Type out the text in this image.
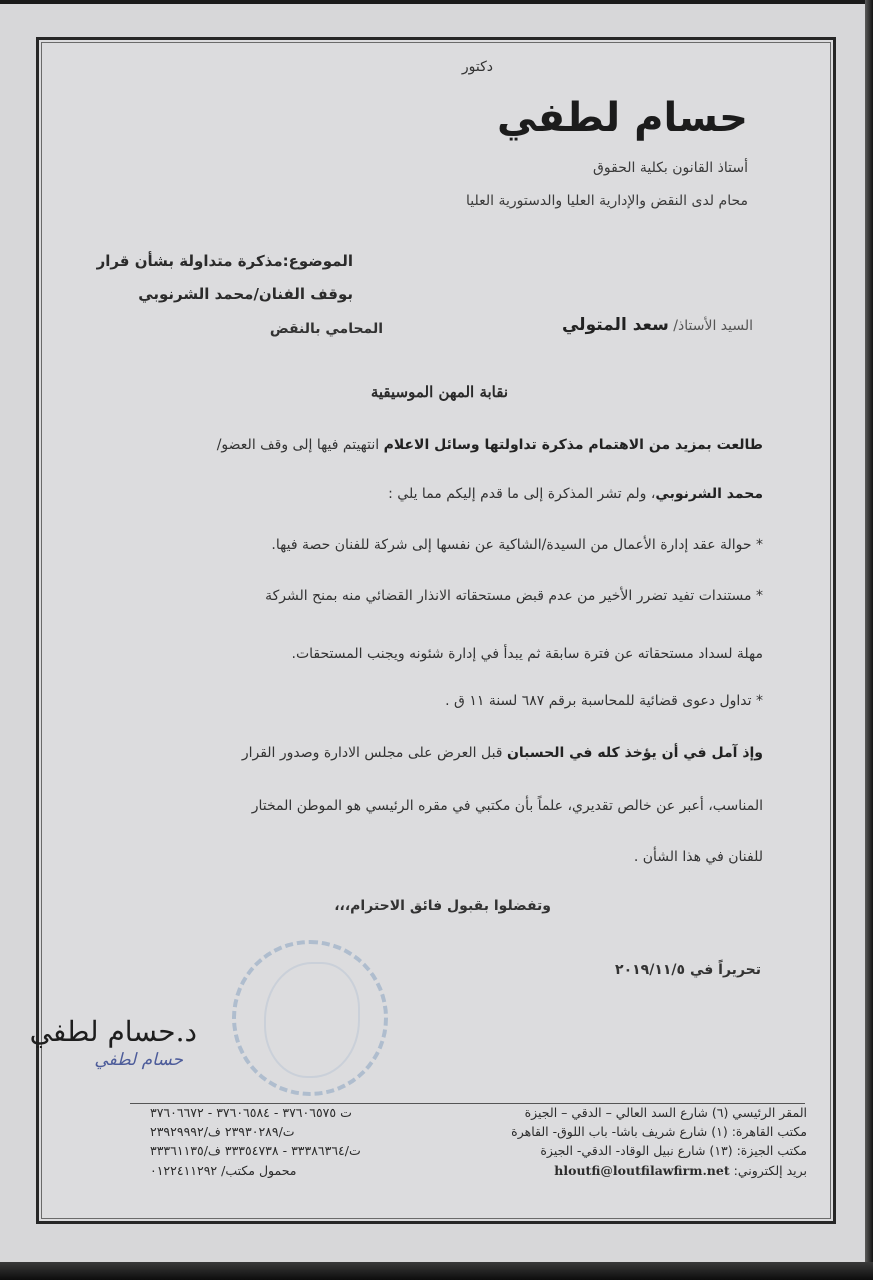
دكتور
حسام لطفي
أستاذ القانون بكلية الحقوق
محام لدى النقض والإدارية العليا والدستورية العليا
الموضوع:مذكرة متداولة بشأن قرار
بوقف الفنان/محمد الشرنوبي
السيد الأستاذ/ سعد المتولي
المحامي بالنقض
نقابة المهن الموسيقية
طالعت بمزيد من الاهتمام مذكرة تداولتها وسائل الاعلام انتهيتم فيها إلى وقف العضو/
محمد الشرنوبي، ولم تشر المذكرة إلى ما قدم إليكم مما يلي :
* حوالة عقد إدارة الأعمال من السيدة/الشاكية عن نفسها إلى شركة للفنان حصة فيها.
* مستندات تفيد تضرر الأخير من عدم قبض مستحقاته الانذار القضائي منه بمنح الشركة
مهلة لسداد مستحقاته عن فترة سابقة ثم يبدأ في إدارة شئونه ويجنب المستحقات.
* تداول دعوى قضائية للمحاسبة برقم ٦٨٧ لسنة ١١ ق .
وإذ آمل في أن يؤخذ كله في الحسبان قبل العرض على مجلس الادارة وصدور القرار
المناسب، أعبر عن خالص تقديري، علماً بأن مكتبي في مقره الرئيسي هو الموطن المختار
للفنان في هذا الشأن .
وتفضلوا بقبول فائق الاحترام،،،
تحريراً في ٢٠١٩/١١/٥
د.حسام لطفي
حسام لطفي
المقر الرئيسي (٦) شارع السد العالي – الدقي – الجيزة
ت ٣٧٦٠٦٥٧٥ - ٣٧٦٠٦٥٨٤ - ٣٧٦٠٦٦٧٢
مكتب القاهرة: (١) شارع شريف باشا- باب اللوق- القاهرة
ت/٢٣٩٣٠٢٨٩ ف/٢٣٩٢٩٩٩٢
مكتب الجيزة: (١٣) شارع نبيل الوقاد- الدقي- الجيزة
ت/٣٣٣٨٦٣٦٤ - ٣٣٣٥٤٧٣٨ ف/٣٣٣٦١١٣٥
بريد إلكتروني: hloutfi@loutfilawfirm.net
محمول مكتب/ ٠١٢٢٤١١٢٩٢
